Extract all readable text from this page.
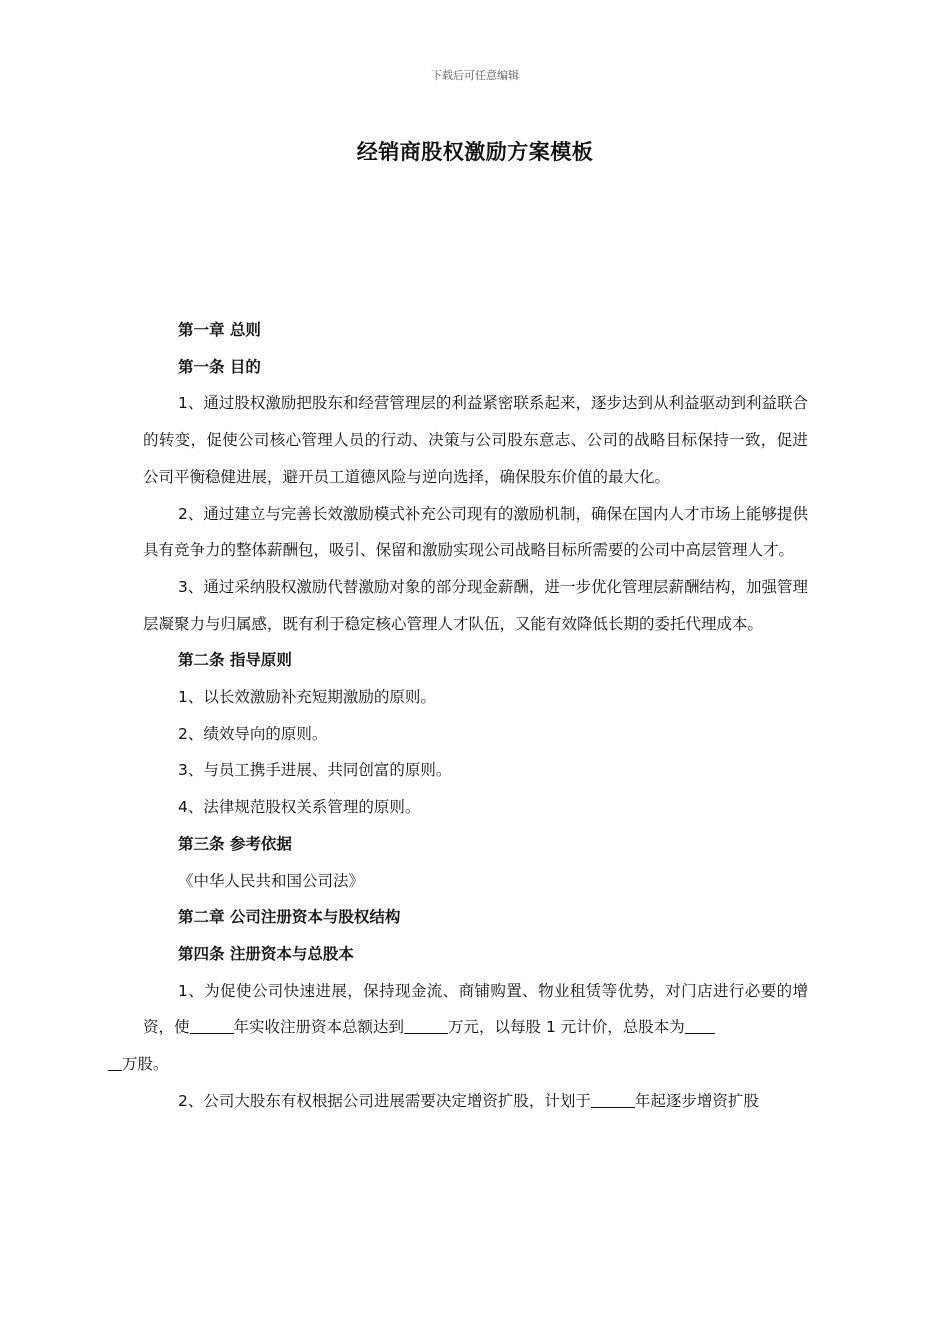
下载后可任意编辑
经销商股权激励方案模板

第一章 总则

第一条 目的

1、通过股权激励把股东和经营管理层的利益紧密联系起来，逐步达到从利益驱动到利益联合的转变，促使公司核心管理人员的行动、决策与公司股东意志、公司的战略目标保持一致，促进公司平衡稳健进展，避开员工道德风险与逆向选择，确保股东价值的最大化。

2、通过建立与完善长效激励模式补充公司现有的激励机制，确保在国内人才市场上能够提供具有竞争力的整体薪酬包，吸引、保留和激励实现公司战略目标所需要的公司中高层管理人才。

3、通过采纳股权激励代替激励对象的部分现金薪酬，进一步优化管理层薪酬结构，加强管理层凝聚力与归属感，既有利于稳定核心管理人才队伍，又能有效降低长期的委托代理成本。

第二条 指导原则

1、以长效激励补充短期激励的原则。

2、绩效导向的原则。

3、与员工携手进展、共同创富的原则。

4、法律规范股权关系管理的原则。

第三条 参考依据

《中华人民共和国公司法》

第二章 公司注册资本与股权结构

第四条 注册资本与总股本

1、为促使公司快速进展，保持现金流、商铺购置、物业租赁等优势，对门店进行必要的增资，使	年实收注册资本总额达到	万元，以每股 1 元计价，总股本为
万股。

2、公司大股东有权根据公司进展需要决定增资扩股，计划于	年起逐步增资扩股
